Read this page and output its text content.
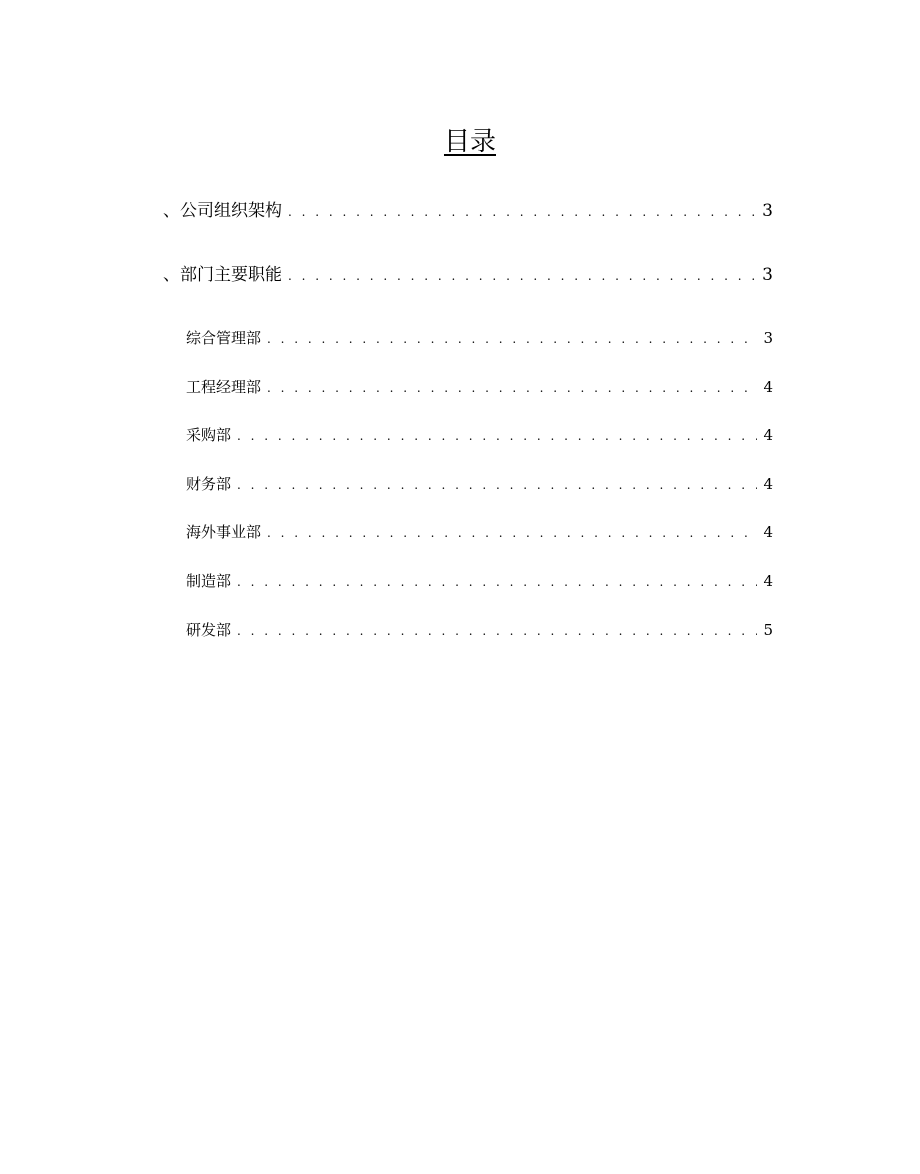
目录
、公司组织架构 . . .	3
、部门主要职能 . . .	3
综合管理部 . . .	3
工程经理部 . . .	4
采购部 . . .	4
财务部 . . .	4
海外事业部 . . .	4
制造部 . . .	4
研发部 . . .	5
